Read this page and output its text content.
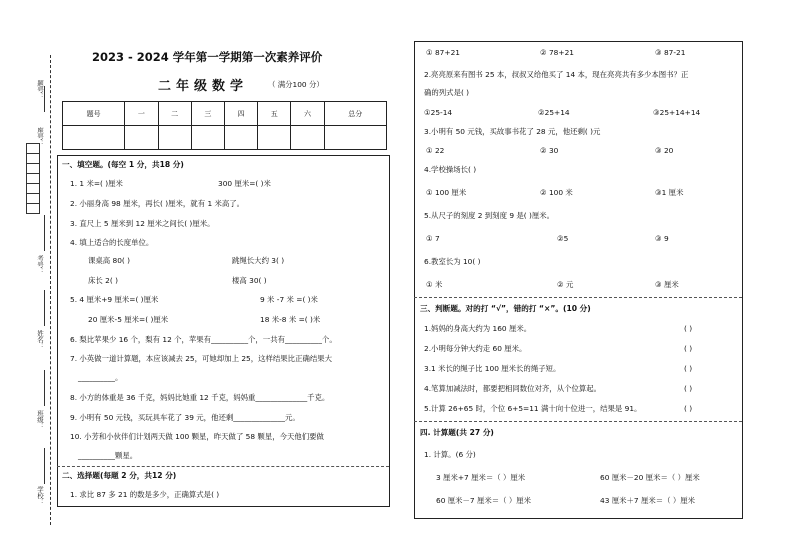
学校：
班级：
姓名：
考号：
座号：
题号：
2023 - 2024 学年第一学期第一次素养评价
二年级数学	（ 满分100 分）
题号	一	二	三	四	五	六	总分

一、填空题。(每空 1 分，共18 分)
1. 1 米=( )厘米	300 厘米=( )米
2. 小丽身高 98 厘米，再长( )厘米，就有 1 米高了。
3. 直尺上 5 厘米到 12 厘米之间长( )厘米。
4. 填上适合的长度单位。
课桌高 80( )	跳绳长大约 3( )
床长 2( )	楼高 30( )
5. 4 厘米+9 厘米=( )厘米	9 米 -7 米 =( )米
20 厘米-5 厘米=( )厘米	18 米-8 米 =( )米
6. 梨比苹果少 16 个，梨有 12 个，苹果有__________个，一共有__________个。
7. 小英做一道计算题，本应该减去 25，可她却加上 25，这样结果比正确结果大
__________。
8. 小方的体重是 36 千克，妈妈比她重 12 千克，妈妈重______________千克。
9. 小明有 50 元钱，买玩具车花了 39 元，他还剩______________元。
10. 小芳和小伙伴们计划两天做 100 颗星，昨天做了 58 颗星，今天他们要做
__________颗星。
二、选择题(每题 2 分，共12 分)
1. 求比 87 多 21 的数是多少，正确算式是( )
① 87+21	② 78+21	③ 87-21
2.亮亮原来有图书 25 本，叔叔又给他买了 14 本，现在亮亮共有多少本图书？正
确的列式是( )
①25-14	②25+14	③25+14+14
3.小明有 50 元钱，买故事书花了 28 元，他还剩( )元
① 22	② 30	③ 20
4.学校操场长( )
① 100 厘米	② 100 米	③1 厘米
5.从尺子的刻度 2 到刻度 9 是( )厘米。
① 7	②5	③ 9
6.教室长为 10( )
① 米	② 元	③ 厘米
三、判断题。对的打 “√”，错的打 “×”。(10 分)
1.妈妈的身高大约为 160 厘米。	( )
2.小明每分钟大约走 60 厘米。	( )
3.1 米长的绳子比 100 厘米长的绳子短。	( )
4.笔算加减法时，都要把相同数位对齐，从个位算起。	( )
5.计算 26+65 时，个位 6+5=11 满十向十位进一，结果是 91。	( )
四. 计算题(共 27 分)
1. 计算。(6 分)
3 厘米+7 厘米＝（ ）厘米	60 厘米－20 厘米＝（ ）厘米
60 厘米－7 厘米＝（ ）厘米	43 厘米＋7 厘米＝（ ）厘米
